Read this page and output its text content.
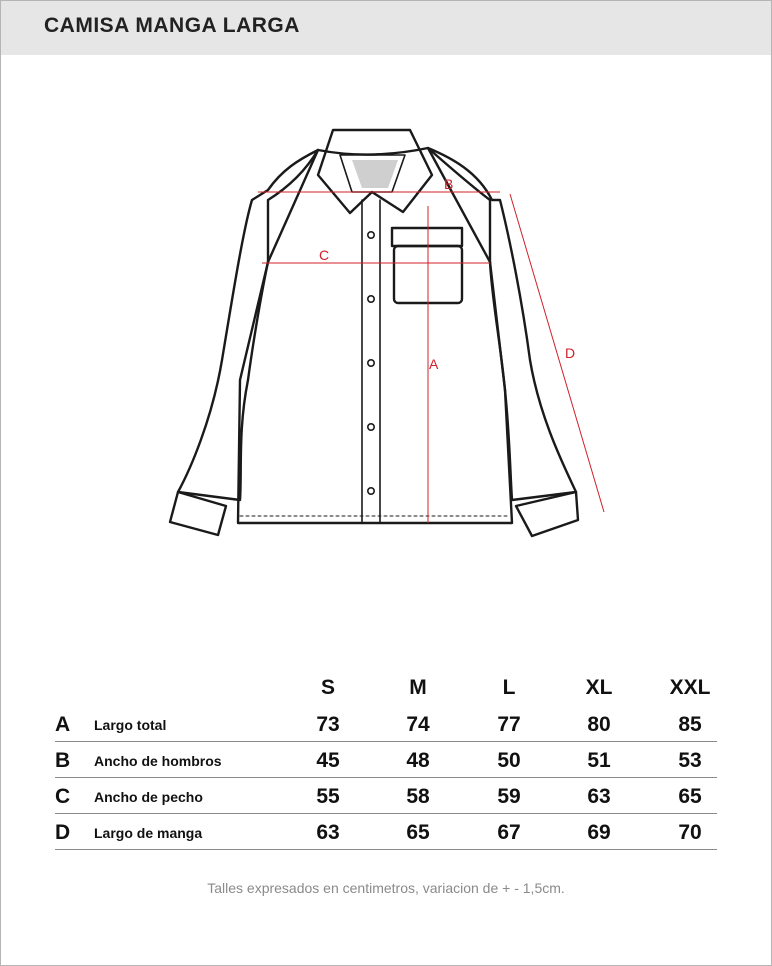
CAMISA MANGA LARGA
A
B
C
D
S	M	L	XL	XXL
A Largo total	73	74	77	80	85
B Ancho de hombros	45	48	50	51	53
C Ancho de pecho	55	58	59	63	65
D Largo de manga	63	65	67	69	70
Talles expresados en centimetros, variacion de + - 1,5cm.
